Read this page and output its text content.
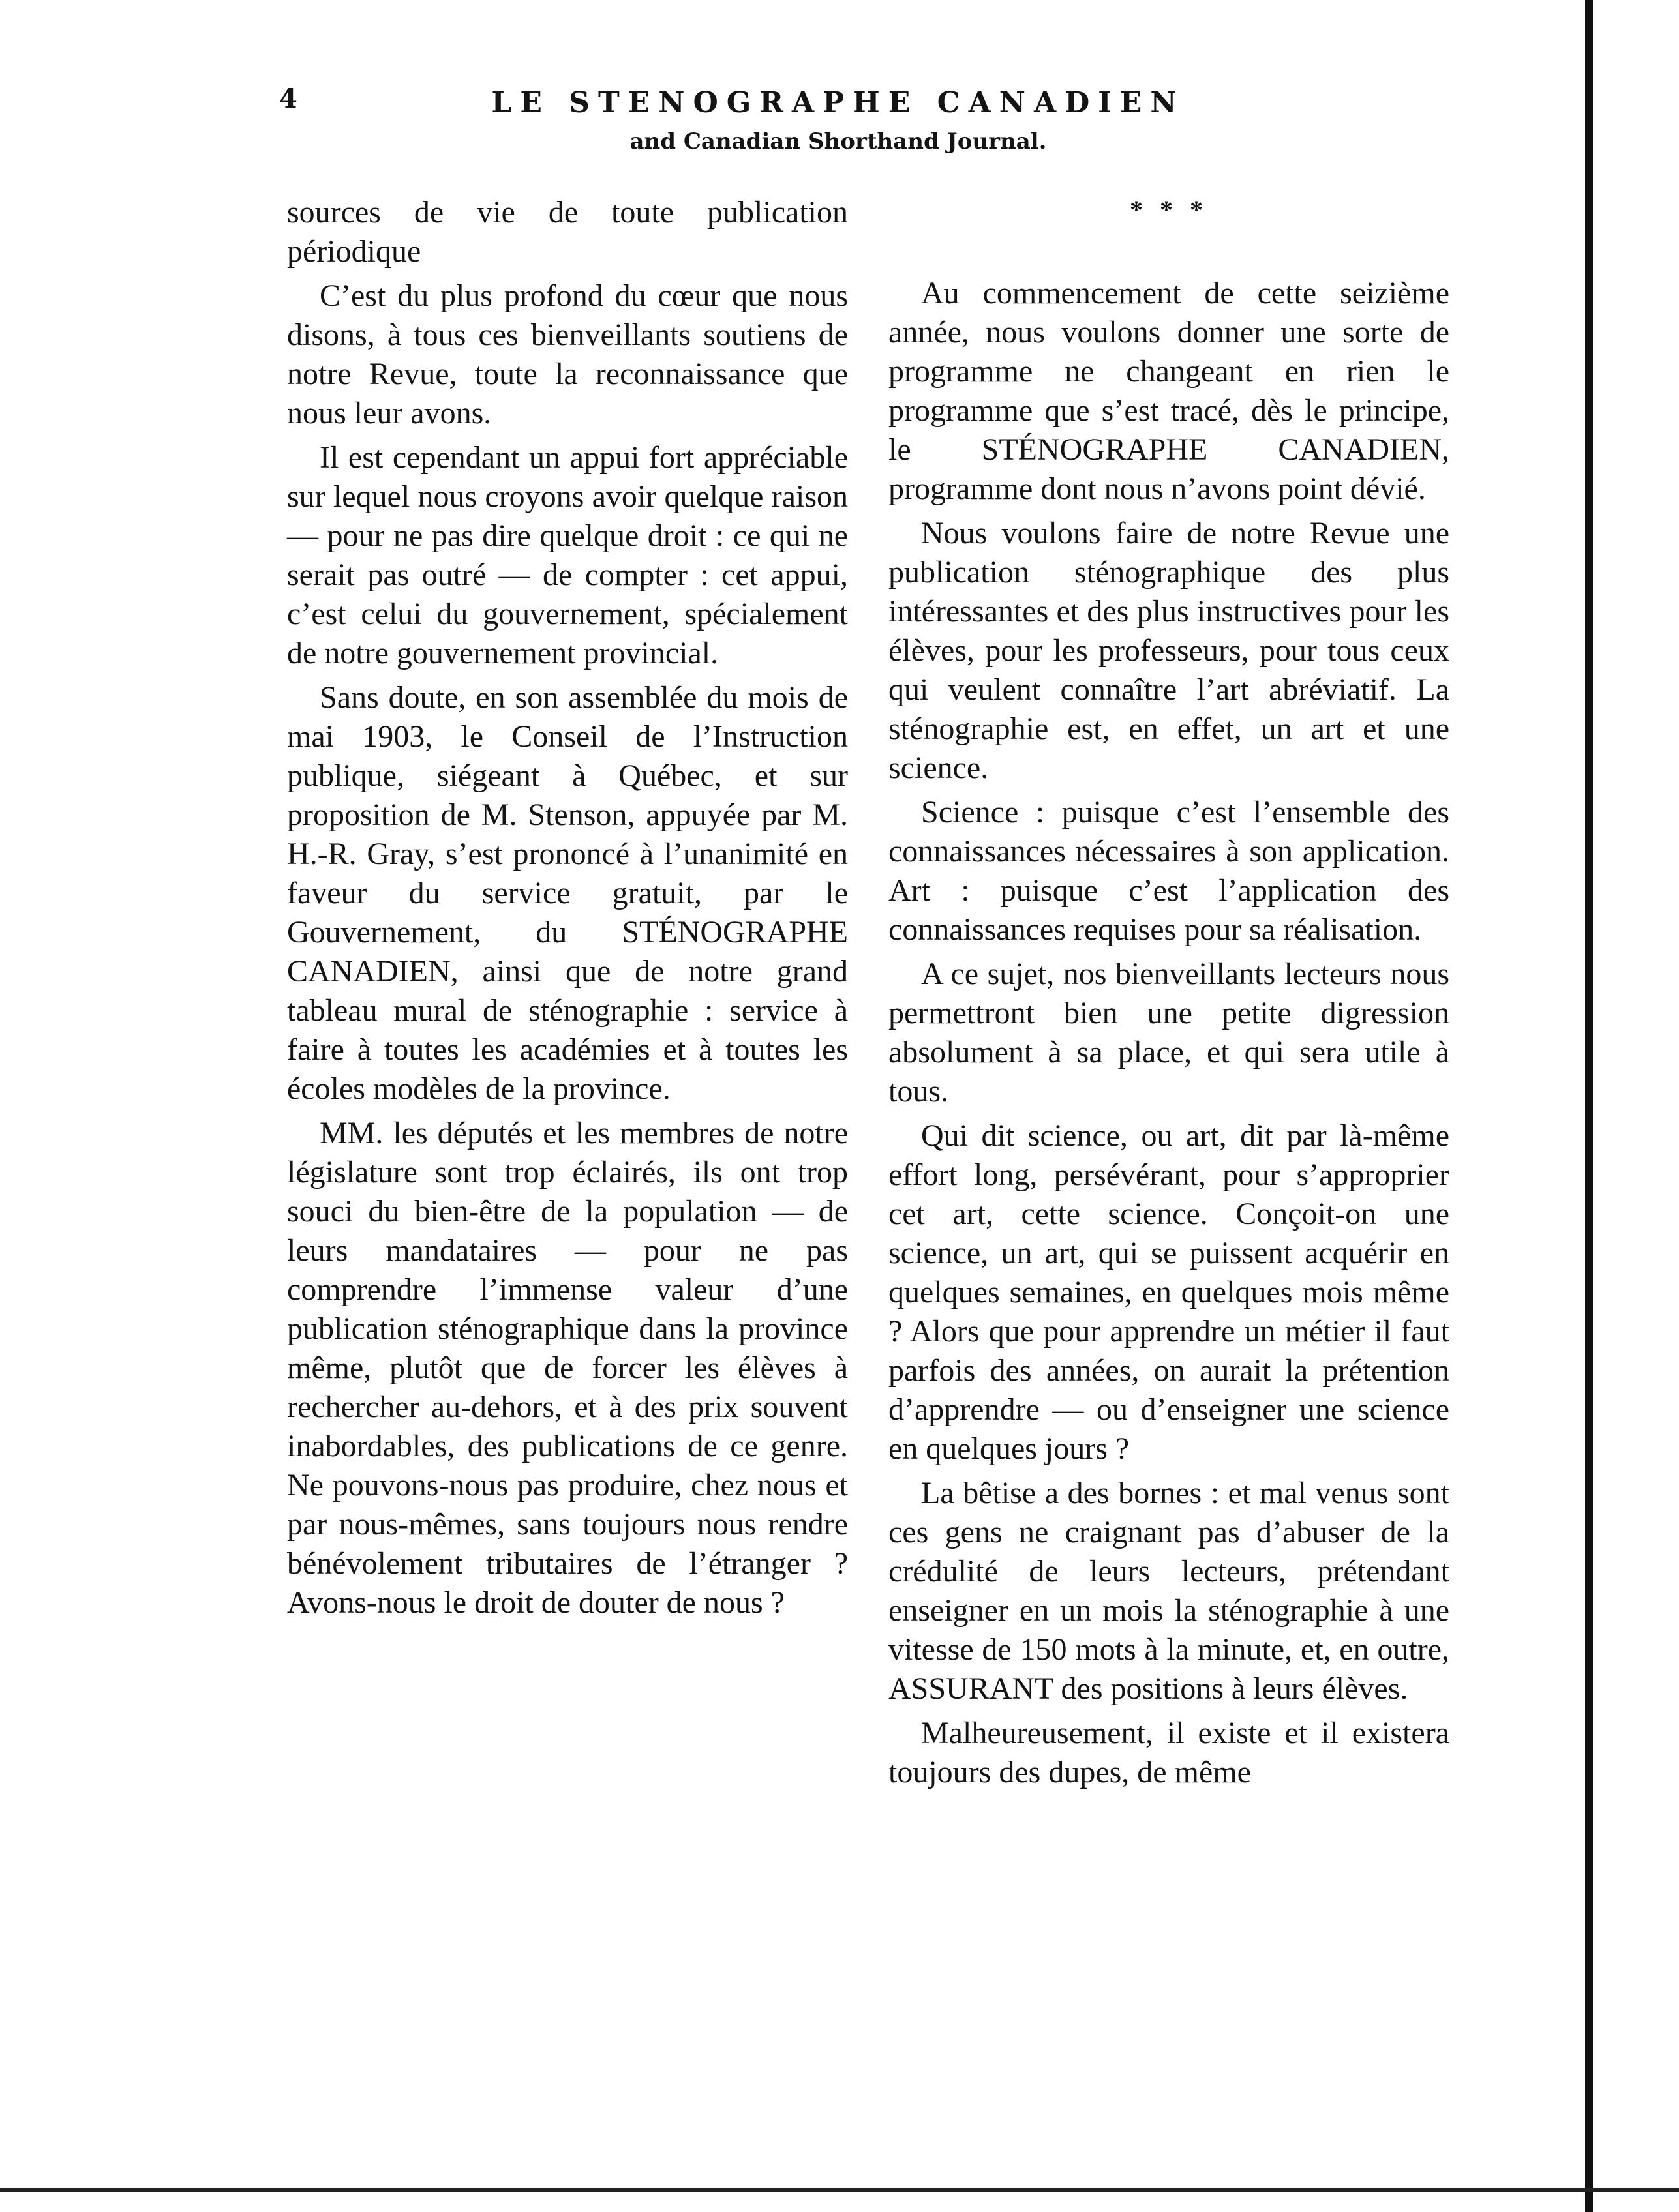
4	LE STENOGRAPHE CANADIEN
and Canadian Shorthand Journal.

sources de vie de toute publication périodique

C’est du plus profond du cœur que nous disons, à tous ces bienveillants soutiens de notre Revue, toute la reconnaissance que nous leur avons.

Il est cependant un appui fort appréciable sur lequel nous croyons avoir quelque raison — pour ne pas dire quelque droit : ce qui ne serait pas outré — de compter : cet appui, c’est celui du gouvernement, spécialement de notre gouvernement provincial.

Sans doute, en son assemblée du mois de mai 1903, le Conseil de l’Instruction publique, siégeant à Québec, et sur proposition de M. Stenson, appuyée par M. H.-R. Gray, s’est prononcé à l’unanimité en faveur du service gratuit, par le Gouvernement, du STÉNOGRAPHE CANADIEN, ainsi que de notre grand tableau mural de sténographie : service à faire à toutes les académies et à toutes les écoles modèles de la province.

MM. les députés et les membres de notre législature sont trop éclairés, ils ont trop souci du bien-être de la population — de leurs mandataires — pour ne pas comprendre l’immense valeur d’une publication sténographique dans la province même, plutôt que de forcer les élèves à rechercher au-dehors, et à des prix souvent inabordables, des publications de ce genre. Ne pouvons-nous pas produire, chez nous et par nous-mêmes, sans toujours nous rendre bénévolement tributaires de l’étranger ? Avons-nous le droit de douter de nous ?

* * *

Au commencement de cette seizième année, nous voulons donner une sorte de programme ne changeant en rien le programme que s’est tracé, dès le principe, le STÉNOGRAPHE CANADIEN, programme dont nous n’avons point dévié.

Nous voulons faire de notre Revue une publication sténographique des plus intéressantes et des plus instructives pour les élèves, pour les professeurs, pour tous ceux qui veulent connaître l’art abréviatif. La sténographie est, en effet, un art et une science.

Science : puisque c’est l’ensemble des connaissances nécessaires à son application. Art : puisque c’est l’application des connaissances requises pour sa réalisation.

A ce sujet, nos bienveillants lecteurs nous permettront bien une petite digression absolument à sa place, et qui sera utile à tous.

Qui dit science, ou art, dit par là-même effort long, persévérant, pour s’approprier cet art, cette science. Conçoit-on une science, un art, qui se puissent acquérir en quelques semaines, en quelques mois même ? Alors que pour apprendre un métier il faut parfois des années, on aurait la prétention d’apprendre — ou d’enseigner une science en quelques jours ?

La bêtise a des bornes : et mal venus sont ces gens ne craignant pas d’abuser de la crédulité de leurs lecteurs, prétendant enseigner en un mois la sténographie à une vitesse de 150 mots à la minute, et, en outre, ASSURANT des positions à leurs élèves.

Malheureusement, il existe et il existera toujours des dupes, de même
